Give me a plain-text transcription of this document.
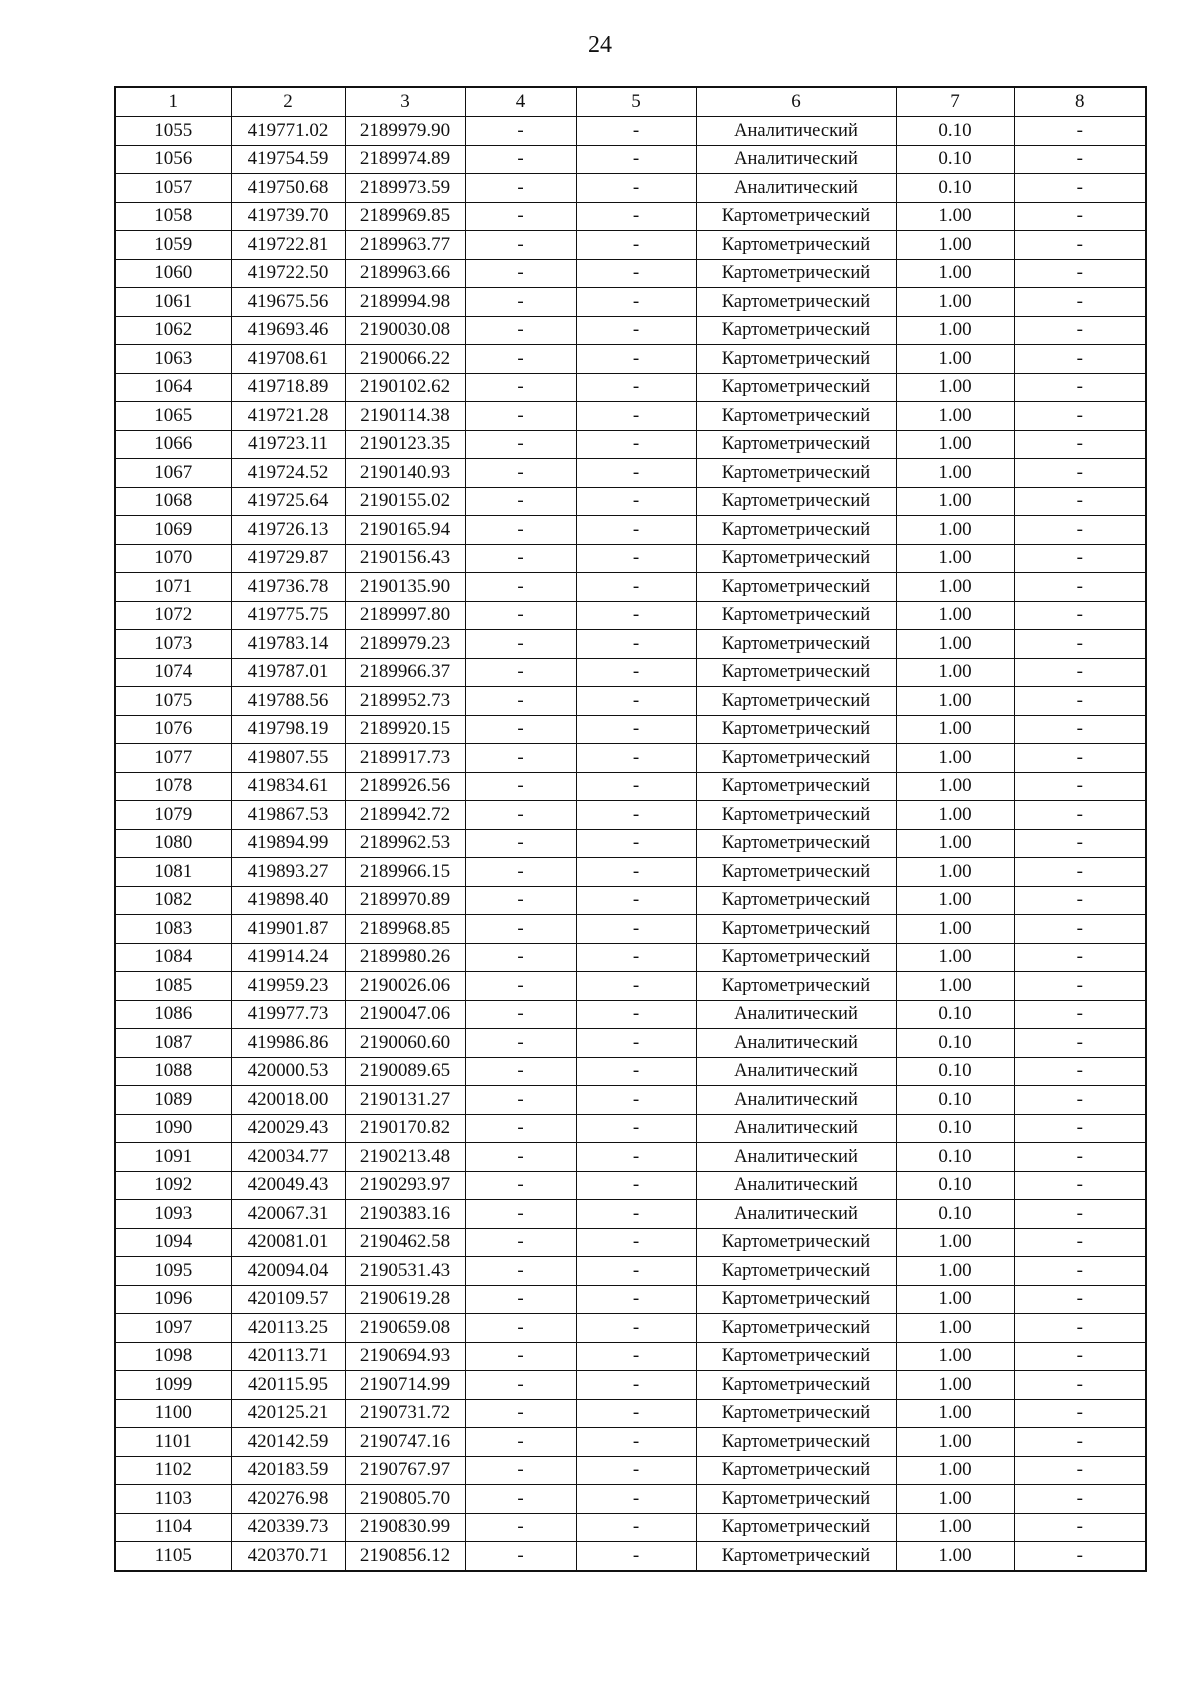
24
1	2	3	4	5	6	7	8
1055	419771.02	2189979.90	-	-	Аналитический	0.10	-
1056	419754.59	2189974.89	-	-	Аналитический	0.10	-
1057	419750.68	2189973.59	-	-	Аналитический	0.10	-
1058	419739.70	2189969.85	-	-	Картометрический	1.00	-
1059	419722.81	2189963.77	-	-	Картометрический	1.00	-
1060	419722.50	2189963.66	-	-	Картометрический	1.00	-
1061	419675.56	2189994.98	-	-	Картометрический	1.00	-
1062	419693.46	2190030.08	-	-	Картометрический	1.00	-
1063	419708.61	2190066.22	-	-	Картометрический	1.00	-
1064	419718.89	2190102.62	-	-	Картометрический	1.00	-
1065	419721.28	2190114.38	-	-	Картометрический	1.00	-
1066	419723.11	2190123.35	-	-	Картометрический	1.00	-
1067	419724.52	2190140.93	-	-	Картометрический	1.00	-
1068	419725.64	2190155.02	-	-	Картометрический	1.00	-
1069	419726.13	2190165.94	-	-	Картометрический	1.00	-
1070	419729.87	2190156.43	-	-	Картометрический	1.00	-
1071	419736.78	2190135.90	-	-	Картометрический	1.00	-
1072	419775.75	2189997.80	-	-	Картометрический	1.00	-
1073	419783.14	2189979.23	-	-	Картометрический	1.00	-
1074	419787.01	2189966.37	-	-	Картометрический	1.00	-
1075	419788.56	2189952.73	-	-	Картометрический	1.00	-
1076	419798.19	2189920.15	-	-	Картометрический	1.00	-
1077	419807.55	2189917.73	-	-	Картометрический	1.00	-
1078	419834.61	2189926.56	-	-	Картометрический	1.00	-
1079	419867.53	2189942.72	-	-	Картометрический	1.00	-
1080	419894.99	2189962.53	-	-	Картометрический	1.00	-
1081	419893.27	2189966.15	-	-	Картометрический	1.00	-
1082	419898.40	2189970.89	-	-	Картометрический	1.00	-
1083	419901.87	2189968.85	-	-	Картометрический	1.00	-
1084	419914.24	2189980.26	-	-	Картометрический	1.00	-
1085	419959.23	2190026.06	-	-	Картометрический	1.00	-
1086	419977.73	2190047.06	-	-	Аналитический	0.10	-
1087	419986.86	2190060.60	-	-	Аналитический	0.10	-
1088	420000.53	2190089.65	-	-	Аналитический	0.10	-
1089	420018.00	2190131.27	-	-	Аналитический	0.10	-
1090	420029.43	2190170.82	-	-	Аналитический	0.10	-
1091	420034.77	2190213.48	-	-	Аналитический	0.10	-
1092	420049.43	2190293.97	-	-	Аналитический	0.10	-
1093	420067.31	2190383.16	-	-	Аналитический	0.10	-
1094	420081.01	2190462.58	-	-	Картометрический	1.00	-
1095	420094.04	2190531.43	-	-	Картометрический	1.00	-
1096	420109.57	2190619.28	-	-	Картометрический	1.00	-
1097	420113.25	2190659.08	-	-	Картометрический	1.00	-
1098	420113.71	2190694.93	-	-	Картометрический	1.00	-
1099	420115.95	2190714.99	-	-	Картометрический	1.00	-
1100	420125.21	2190731.72	-	-	Картометрический	1.00	-
1101	420142.59	2190747.16	-	-	Картометрический	1.00	-
1102	420183.59	2190767.97	-	-	Картометрический	1.00	-
1103	420276.98	2190805.70	-	-	Картометрический	1.00	-
1104	420339.73	2190830.99	-	-	Картометрический	1.00	-
1105	420370.71	2190856.12	-	-	Картометрический	1.00	-
